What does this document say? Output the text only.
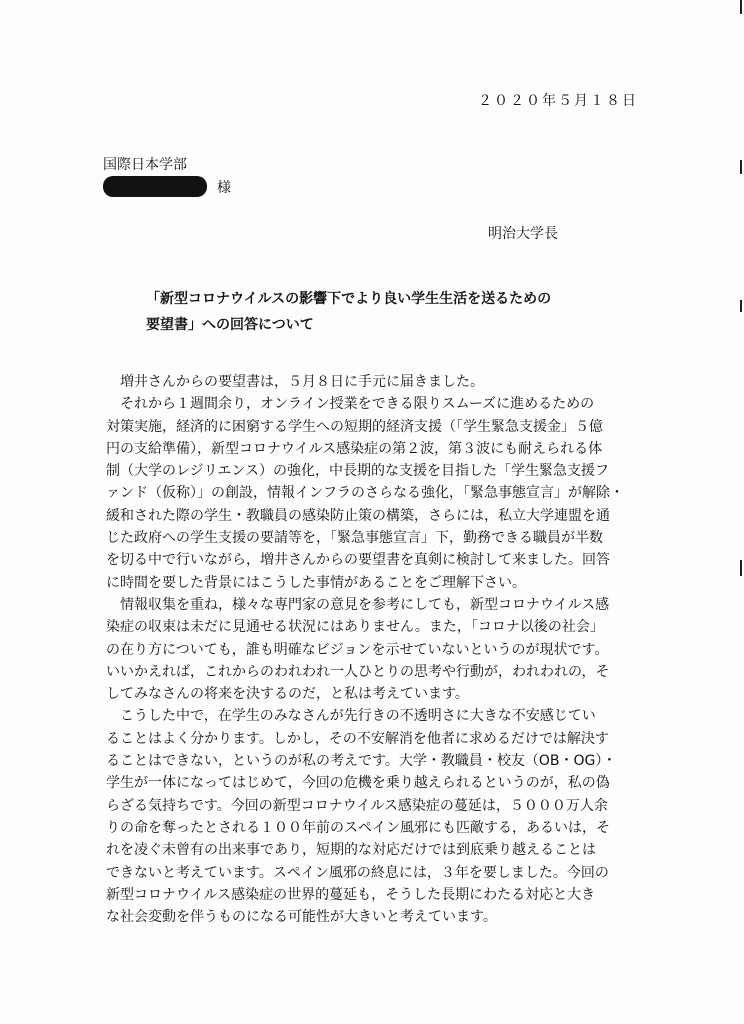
２０２０年５月１８日
国際日本学部
様
明治大学長
「新型コロナウイルスの影響下でより良い学生生活を送るための
要望書」への回答について
　増井さんからの要望書は，５月８日に手元に届きました。
　それから１週間余り，オンライン授業をできる限りスムーズに進めるための
対策実施，経済的に困窮する学生への短期的経済支援（「学生緊急支援金」５億
円の支給準備），新型コロナウイルス感染症の第２波，第３波にも耐えられる体
制（大学のレジリエンス）の強化，中長期的な支援を目指した「学生緊急支援フ
ァンド（仮称）」の創設，情報インフラのさらなる強化，「緊急事態宣言」が解除・
緩和された際の学生・教職員の感染防止策の構築，さらには，私立大学連盟を通
じた政府への学生支援の要請等を，「緊急事態宣言」下，勤務できる職員が半数
を切る中で行いながら，増井さんからの要望書を真剣に検討して来ました。回答
に時間を要した背景にはこうした事情があることをご理解下さい。
　情報収集を重ね，様々な専門家の意見を参考にしても，新型コロナウイルス感
染症の収束は未だに見通せる状況にはありません。また，「コロナ以後の社会」
の在り方についても，誰も明確なビジョンを示せていないというのが現状です。
いいかえれば，これからのわれわれ一人ひとりの思考や行動が，われわれの，そ
してみなさんの将来を決するのだ，と私は考えています。
　こうした中で，在学生のみなさんが先行きの不透明さに大きな不安感じてい
ることはよく分かります。しかし，その不安解消を他者に求めるだけでは解決す
ることはできない，というのが私の考えです。大学・教職員・校友（OB・OG）・
学生が一体になってはじめて，今回の危機を乗り越えられるというのが，私の偽
らざる気持ちです。今回の新型コロナウイルス感染症の蔓延は，５０００万人余
りの命を奪ったとされる１００年前のスペイン風邪にも匹敵する，あるいは，そ
れを凌ぐ未曾有の出来事であり，短期的な対応だけでは到底乗り越えることは
できないと考えています。スペイン風邪の終息には，３年を要しました。今回の
新型コロナウイルス感染症の世界的蔓延も，そうした長期にわたる対応と大き
な社会変動を伴うものになる可能性が大きいと考えています。
